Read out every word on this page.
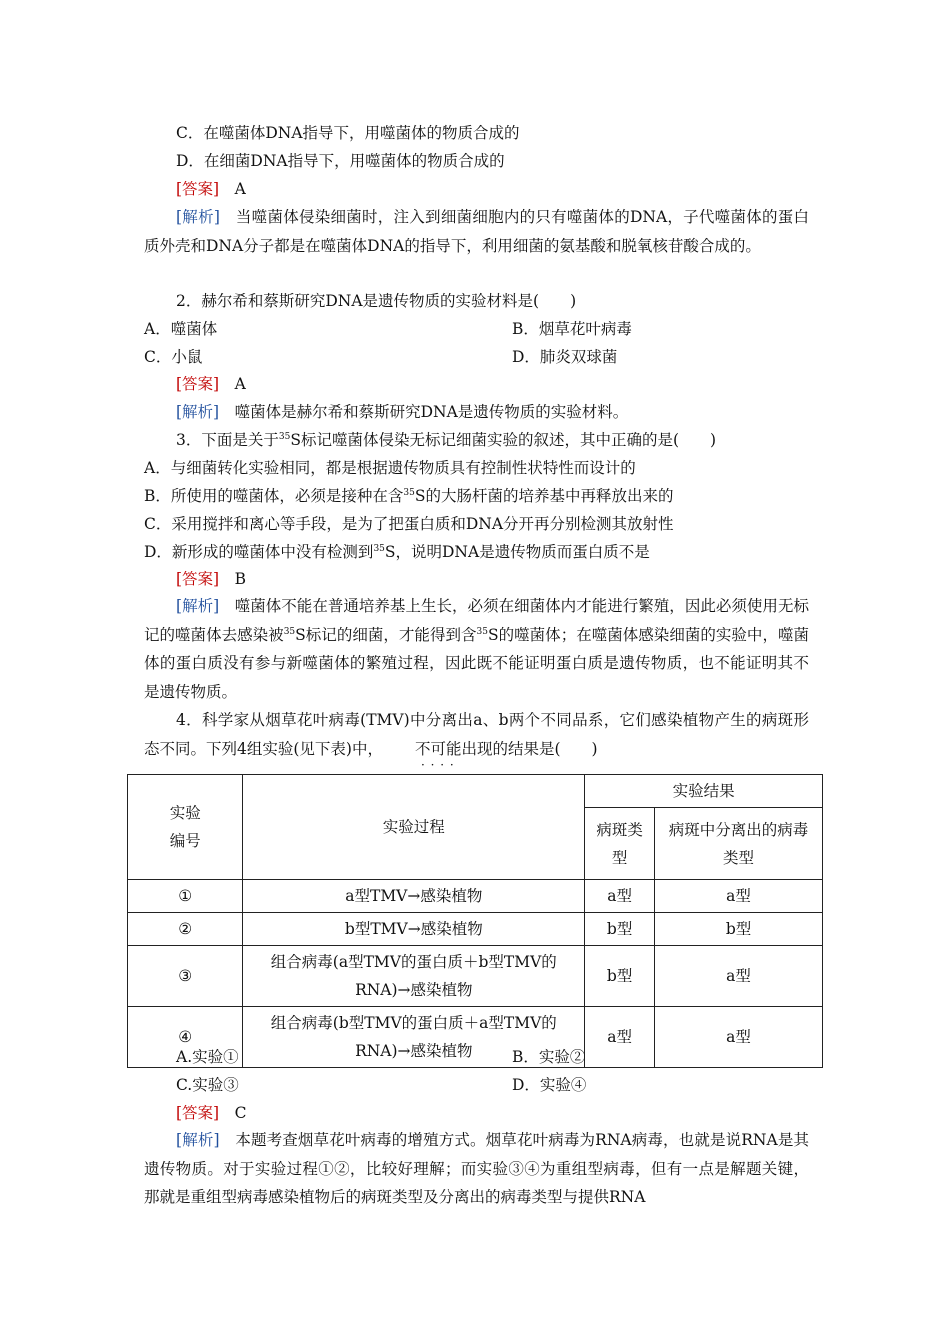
C．在噬菌体DNA指导下，用噬菌体的物质合成的
D．在细菌DNA指导下，用噬菌体的物质合成的
[答案]　 A
[解析]　 当噬菌体侵染细菌时，注入到细菌细胞内的只有噬菌体的DNA，子代噬菌体的蛋白质外壳和DNA分子都是在噬菌体DNA的指导下，利用细菌的氨基酸和脱氧核苷酸合成的。
2．赫尔希和蔡斯研究DNA是遗传物质的实验材料是(　　)
A．噬菌体	B．烟草花叶病毒
C．小鼠	D．肺炎双球菌
[答案]　 A
[解析]　 噬菌体是赫尔希和蔡斯研究DNA是遗传物质的实验材料。
3．下面是关于$^{35}$S标记噬菌体侵染无标记细菌实验的叙述，其中正确的是(　　)
A．与细菌转化实验相同，都是根据遗传物质具有控制性状特性而设计的
B．所使用的噬菌体，必须是接种在含$^{35}$S的大肠杆菌的培养基中再释放出来的
C．采用搅拌和离心等手段，是为了把蛋白质和DNA分开再分别检测其放射性
D．新形成的噬菌体中没有检测到$^{35}$S，说明DNA是遗传物质而蛋白质不是
[答案]　 B
[解析]　 噬菌体不能在普通培养基上生长，必须在细菌体内才能进行繁殖，因此必须使用无标记的噬菌体去感染被$^{35}$S标记的细菌，才能得到含$^{35}$S的噬菌体；在噬菌体感染细菌的实验中，噬菌体的蛋白质没有参与新噬菌体的繁殖过程，因此既不能证明蛋白质是遗传物质，也不能证明其不是遗传物质。
4．科学家从烟草花叶病毒(TMV)中分离出a、b两个不同品系，它们感染植物产生的病斑形态不同。下列4组实验(见下表)中， 不可能 · ·出现的结果是(　　)
实验编号	实验过程	实验结果	

		病斑类型	病斑中分离出的病毒类型

①	a型TMV→感染植物	a型	a型
②	b型TMV→感染植物	b型	b型
③	组合病毒(a型TMV的蛋白质＋b型TMV的RNA)→感染植物	b型	a型
④	组合病毒(b型TMV的蛋白质＋a型TMV的RNA)→感染植物	a型	a型
A.实验①	B．实验②
C.实验③	D．实验④
[答案]　 C
[解析]　 本题考查烟草花叶病毒的增殖方式。烟草花叶病毒为RNA病毒，也就是说RNA是其遗传物质。对于实验过程①②，比较好理解；而实验③④为重组型病毒，但有一点是解题关键，那就是重组型病毒感染植物后的病斑类型及分离出的病毒类型与提供RNA
